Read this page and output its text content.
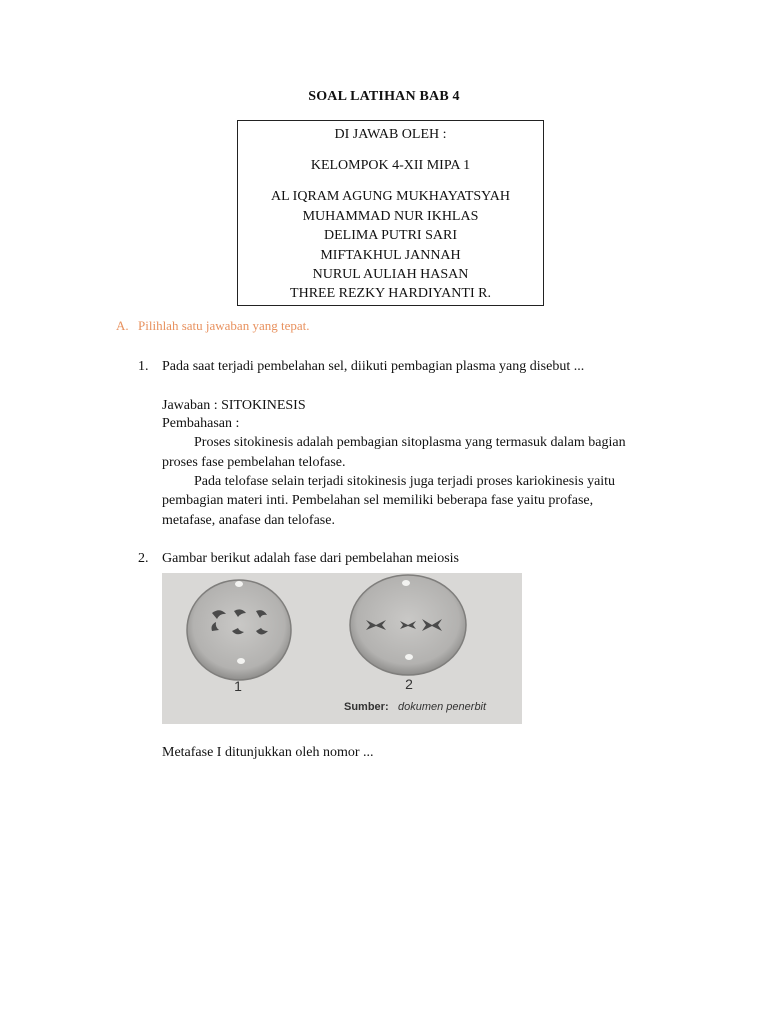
SOAL LATIHAN BAB 4
DI JAWAB OLEH :
KELOMPOK 4-XII MIPA 1
AL IQRAM AGUNG MUKHAYATSYAH
MUHAMMAD NUR IKHLAS
DELIMA PUTRI SARI
MIFTAKHUL JANNAH
NURUL AULIAH HASAN
THREE REZKY HARDIYANTI R.
A. Pilihlah satu jawaban yang tepat.
1. Pada saat terjadi pembelahan sel, diikuti pembagian plasma yang disebut ...
Jawaban : SITOKINESIS
Pembahasan :
Proses sitokinesis adalah pembagian sitoplasma yang termasuk dalam bagian
proses fase pembelahan telofase.
Pada telofase selain terjadi sitokinesis juga terjadi proses kariokinesis yaitu
pembagian materi inti. Pembelahan sel memiliki beberapa fase yaitu profase,
metafase, anafase dan telofase.
2. Gambar berikut adalah fase dari pembelahan meiosis
1	2
Sumber: dokumen penerbit
Metafase I ditunjukkan oleh nomor ...
